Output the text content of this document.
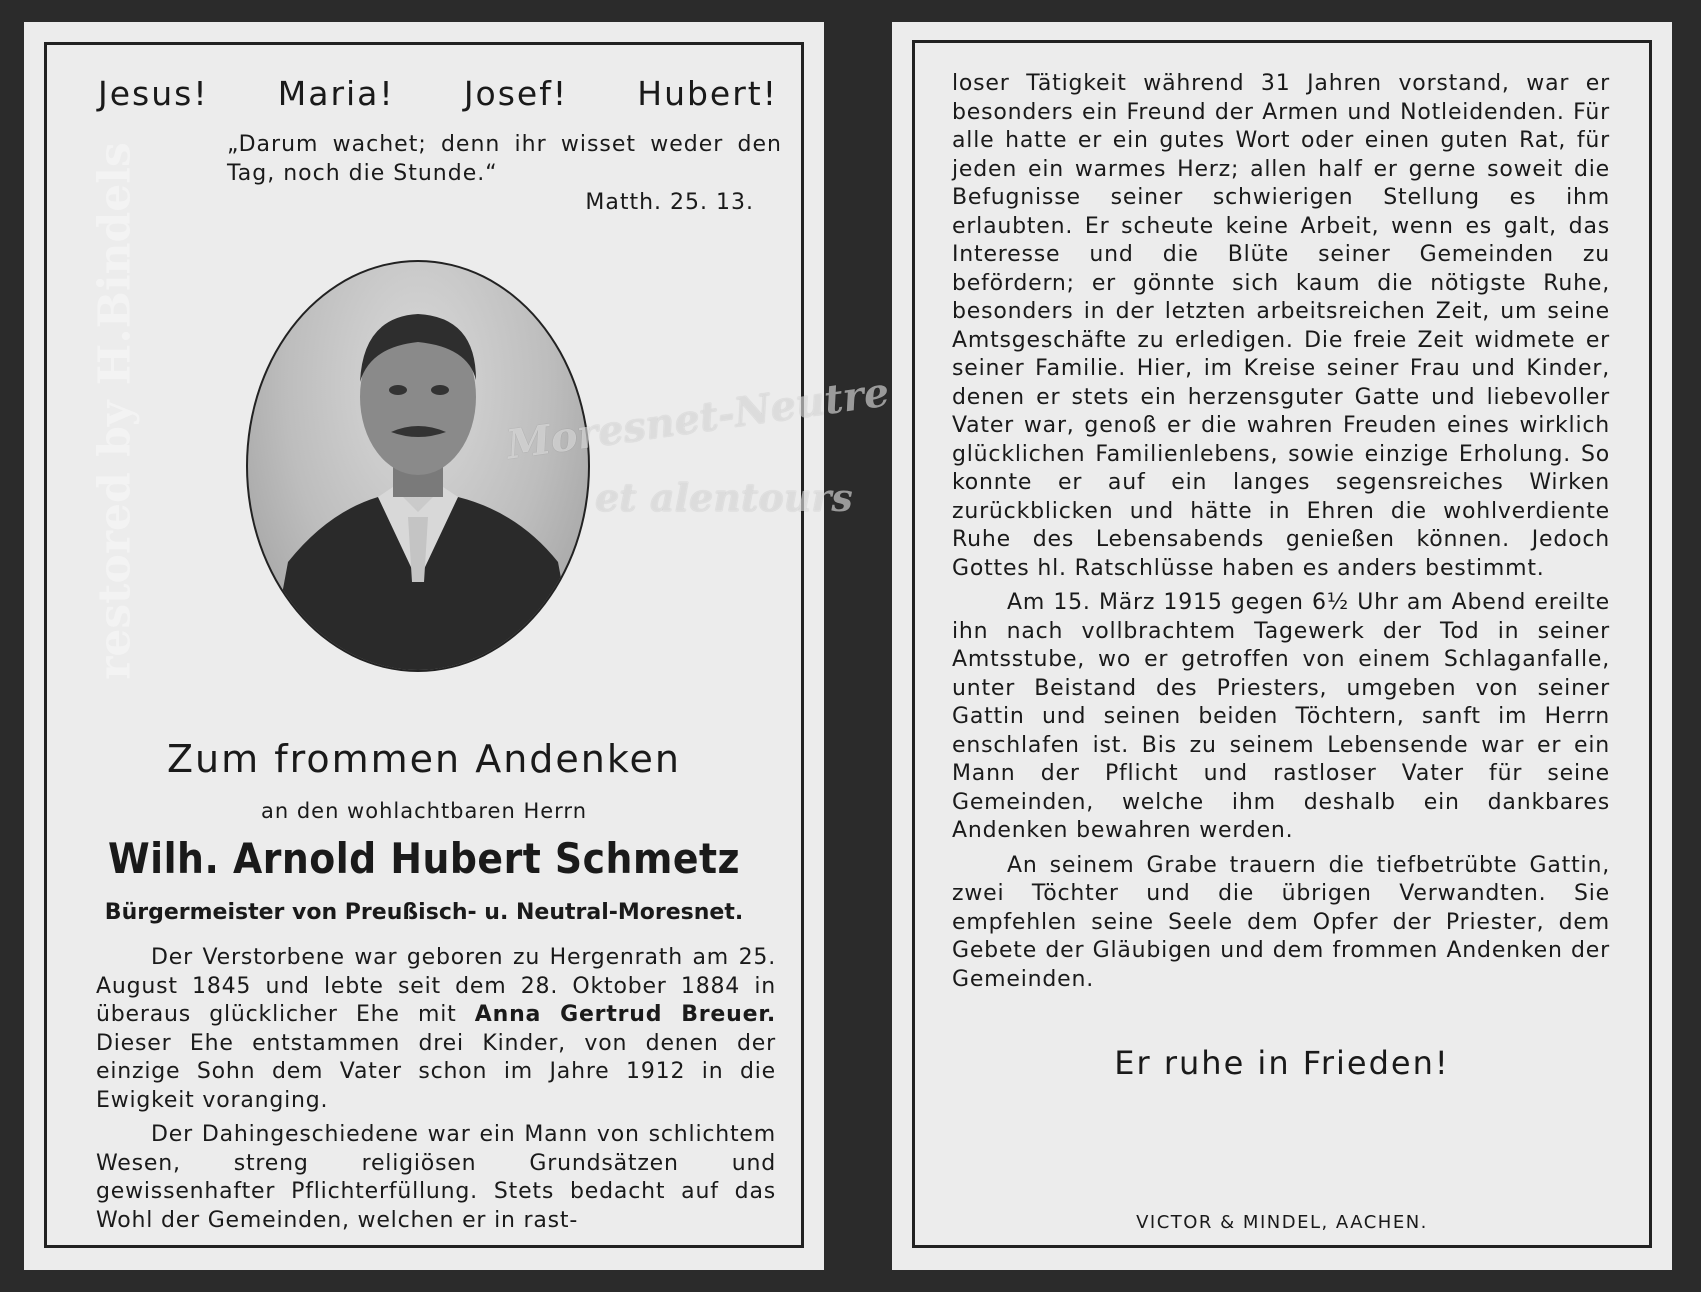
Jesus! Maria! Josef! Hubert!
„Darum wachet; denn ihr wisset weder den Tag, noch die Stunde.“
Matth. 25. 13.
Zum frommen Andenken
an den wohlachtbaren Herrn
Wilh. Arnold Hubert Schmetz
Bürgermeister von Preußisch- u. Neutral-Moresnet.

Der Verstorbene war geboren zu Hergenrath am 25. August 1845 und lebte seit dem 28. Oktober 1884 in überaus glücklicher Ehe mit Anna Gertrud Breuer. Dieser Ehe entstammen drei Kinder, von denen der einzige Sohn dem Vater schon im Jahre 1912 in die Ewigkeit voranging.

Der Dahingeschiedene war ein Mann von schlichtem Wesen, streng religiösen Grundsätzen und gewissenhafter Pflichterfüllung. Stets bedacht auf das Wohl der Gemeinden, welchen er in rast-

restored by H.Bindels

loser Tätigkeit während 31 Jahren vorstand, war er besonders ein Freund der Armen und Notleidenden. Für alle hatte er ein gutes Wort oder einen guten Rat, für jeden ein warmes Herz; allen half er gerne soweit die Befugnisse seiner schwierigen Stellung es ihm erlaubten. Er scheute keine Arbeit, wenn es galt, das Interesse und die Blüte seiner Gemeinden zu befördern; er gönnte sich kaum die nötigste Ruhe, besonders in der letzten arbeitsreichen Zeit, um seine Amtsgeschäfte zu erledigen. Die freie Zeit widmete er seiner Familie. Hier, im Kreise seiner Frau und Kinder, denen er stets ein herzensguter Gatte und liebevoller Vater war, genoß er die wahren Freuden eines wirklich glücklichen Familienlebens, sowie einzige Erholung. So konnte er auf ein langes segensreiches Wirken zurückblicken und hätte in Ehren die wohlverdiente Ruhe des Lebensabends genießen können. Jedoch Gottes hl. Ratschlüsse haben es anders bestimmt.

Am 15. März 1915 gegen 6½ Uhr am Abend ereilte ihn nach vollbrachtem Tagewerk der Tod in seiner Amtsstube, wo er getroffen von einem Schlaganfalle, unter Beistand des Priesters, umgeben von seiner Gattin und seinen beiden Töchtern, sanft im Herrn enschlafen ist. Bis zu seinem Lebensende war er ein Mann der Pflicht und rastloser Vater für seine Gemeinden, welche ihm deshalb ein dankbares Andenken bewahren werden.

An seinem Grabe trauern die tiefbetrübte Gattin, zwei Töchter und die übrigen Verwandten. Sie empfehlen seine Seele dem Opfer der Priester, dem Gebete der Gläubigen und dem frommen Andenken der Gemeinden.

Er ruhe in Frieden!
VICTOR & MINDEL, AACHEN.
Moresnet-Neutre
et alentours
